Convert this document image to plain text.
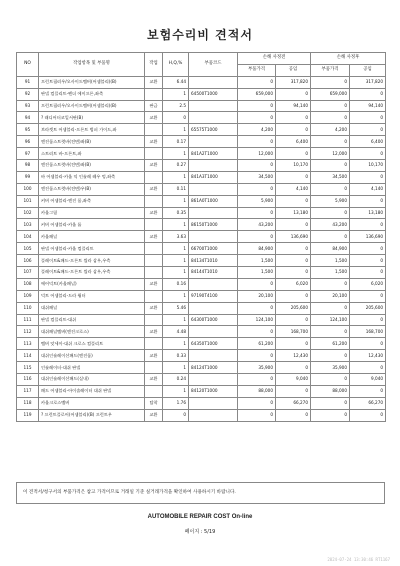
보험수리비 견적서
NO	작업항목 및 부품명	작업	H,Q,%	부품코드	손해 사정전		손해 사정후	
					부품가격	공임	부품가격	공임
91	프런트필러우/오사이드멤버(어셈블리)(B)	교환	6.44		0	317,820	0	317,820
92	판넬 컴플리트-펜더 에이프론,좌측		1	64500T1000	659,000	0	659,000	0
93	프런트필러우/오사이드멤버(어셈블리)(B)	판금	2.5		0	94,140	0	94,140
94	? 래디어터코일서판(B)	교환	0		0	0	0	0
95	브라켓트 어셈블리-프론트 범퍼 가이드,좌		1	65575T1000	4,200	0	4,200	0
96	엔진룸스트럿바(전면)좌(B)	교환	0.17		0	6,400	0	6,400
97	스트러트 바-프론트,좌		1	841A2T1000	12,000	0	12,000	0
98	엔진룸스트럿바(전면)좌(B)	교환	0.27		0	10,170	0	10,170
99	바 어셈블리-카울 익 인슐레 레우 멍,좌측		1	841A3T1000	34,500	0	34,500	0
100	엔진룸스트럿바(전면)우(B)	교환	0.11		0	4,140	0	4,140
101	커버 어셈블리-엔진 룸,좌측		1	861A0T1000	5,900	0	5,900	0
102	카울그릴	교환	0.35		0	13,180	0	13,180
103	커버 어셈블리-카울 톱		1	86150T1000	43,200	0	43,200	0
104	카울패널	교환	3.63		0	136,690	0	136,690
105	판넬 어셈블리-카울 컴플리트		1	66700T1000	84,900	0	84,900	0
106	플레이트&패드-프론트 씰라 삼우,우측		1	84134T1010	1,500	0	1,500	0
107	플레이트&패드-프론트 씰라 삼우,우측		1	84144T1010	1,500	0	1,500	0
108	에어덕트(카울패널)	교환	0.16		0	6,020	0	6,020
109	덕트 어셈블리-드라 윙터		1	97190T4100	20,100	0	20,100	0
110	대쉬패널	교환	5.46		0	205,600	0	205,600
111	판넬 컴플리트-대쉬		1	64300T1000	124,100	0	124,100	0
112	대쉬패널멤버(엔진크로스)	교환	4.48		0	168,700	0	168,700
113	멤버 앗세이-대쉬 크로스 컴플리트		1	64350T1000	61,200	0	61,200	0
114	대쉬인슐레이션패드(엔진룸)	교환	0.33		0	12,430	0	12,430
115	인슐레이터-대쉬 판넬		1	84124T1000	35,900	0	35,900	0
116	대쉬인슐레이션패드(실내)	교환	0.24		0	9,040	0	9,040
117	패드 어셈블리-아이솔레이터 대쉬 판넬		1	84120T1000	88,000	0	88,000	0
118	카울크로스멤버	탈착	1.76		0	66,270	0	66,270
119	? 프런트플로어(어셈블리)(B) 프런트우	교환	0		0	0	0	0
이 견적서/청구서의 부품가격은 참고 가격이므로 거래일 기준 실거래가격을 확인하여 사용하시기 바랍니다.
AUTOMOBILE REPAIR COST On-line
페이지 : 5/19
2024-07-24 13:30:46 RT1167
